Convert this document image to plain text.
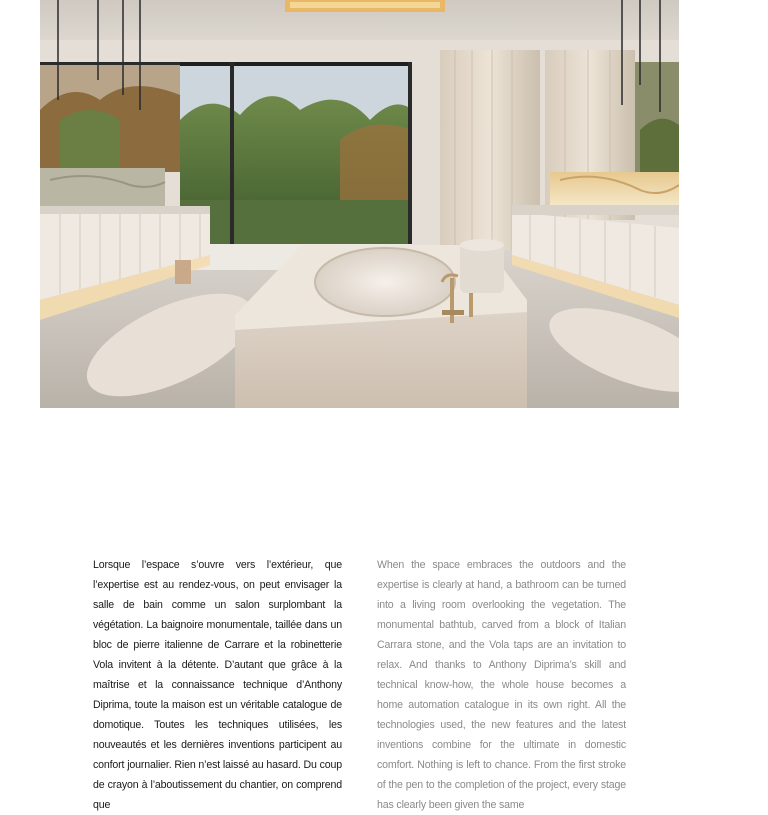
Lorsque l’espace s’ouvre vers l’extérieur, que l’expertise est au rendez-vous, on peut envisager la salle de bain comme un salon surplombant la végétation. La baignoire monumentale, taillée dans un bloc de pierre italienne de Carrare et la robinetterie Vola invitent à la détente. D’autant que grâce à la maîtrise et la connaissance technique d’Anthony Diprima, toute la maison est un véritable catalogue de domotique. Toutes les techniques utilisées, les nouveautés et les dernières inventions participent au confort journalier. Rien n’est laissé au hasard. Du coup de crayon à l’aboutissement du chantier, on comprend que
When the space embraces the outdoors and the expertise is clearly at hand, a bathroom can be turned into a living room overlooking the vegetation. The monumental bathtub, carved from a block of Italian Carrara stone, and the Vola taps are an invitation to relax. And thanks to Anthony Diprima’s skill and technical know-how, the whole house becomes a home automation catalogue in its own right. All the technologies used, the new features and the latest inventions combine for the ultimate in domestic comfort. Nothing is left to chance. From the first stroke of the pen to the completion of the project, every stage has clearly been given the same
